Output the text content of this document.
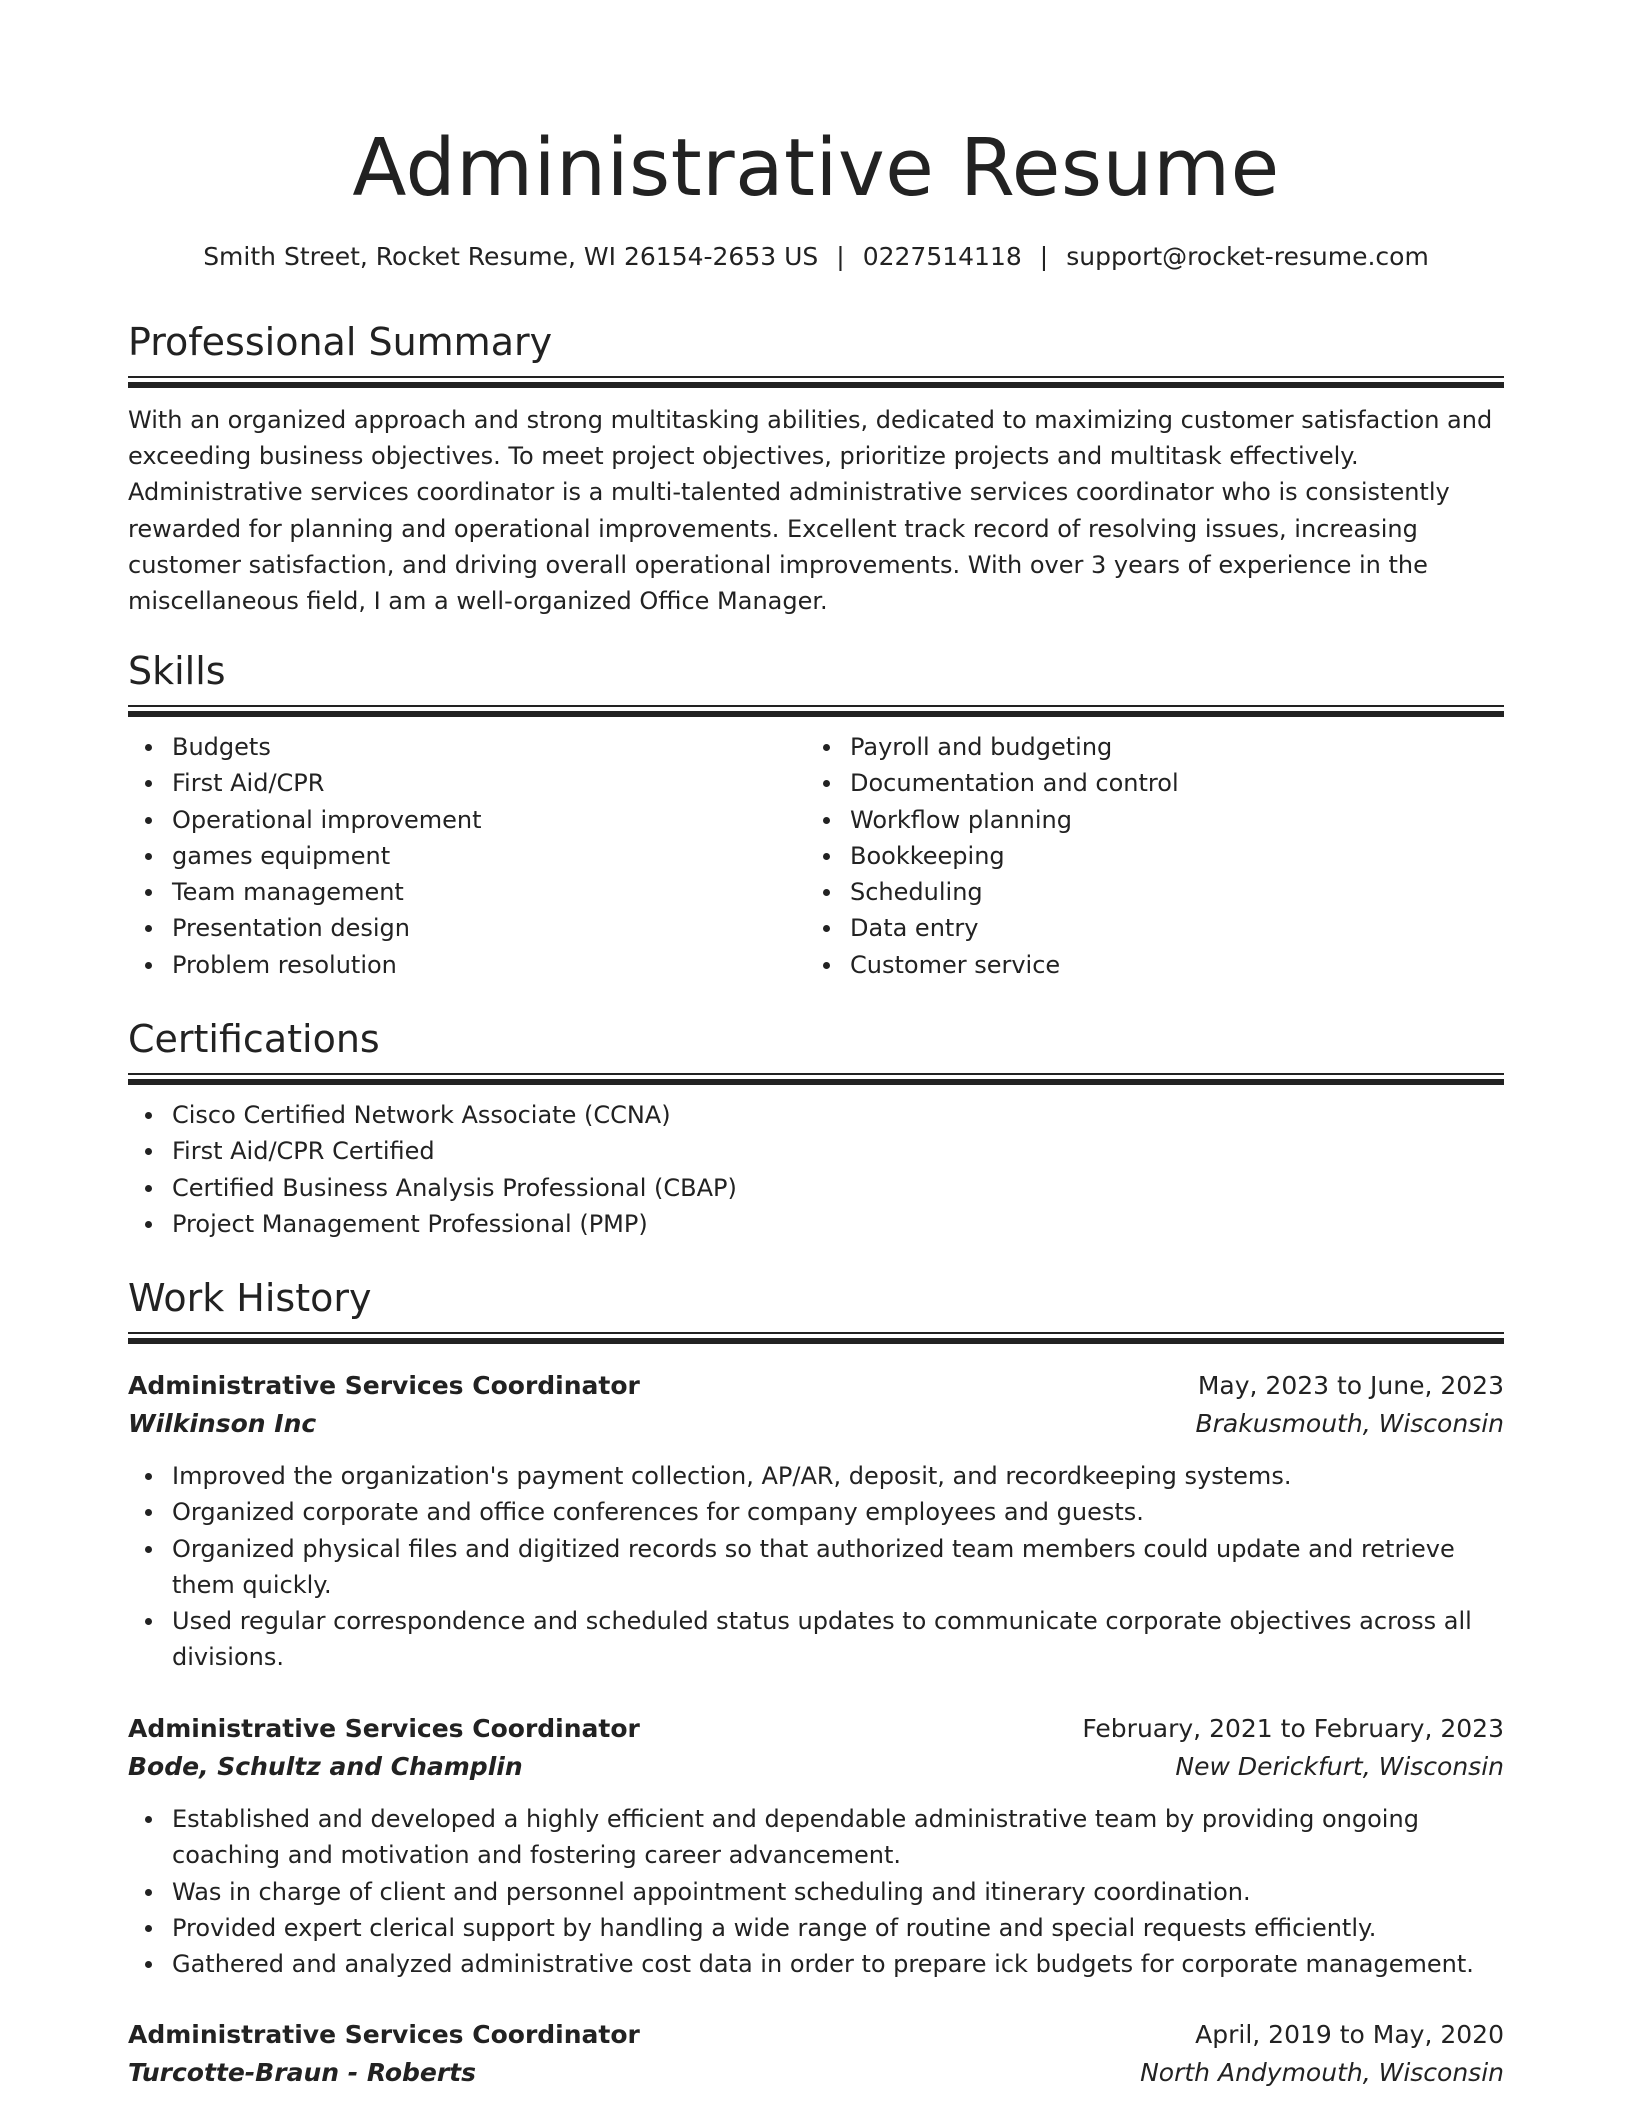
Administrative Resume
Smith Street, Rocket Resume, WI 26154-2653 US | 0227514118 | support@rocket-resume.com
Professional Summary
With an organized approach and strong multitasking abilities, dedicated to maximizing customer satisfaction and exceeding business objectives. To meet project objectives, prioritize projects and multitask effectively. Administrative services coordinator is a multi-talented administrative services coordinator who is consistently rewarded for planning and operational improvements. Excellent track record of resolving issues, increasing customer satisfaction, and driving overall operational improvements. With over 3 years of experience in the miscellaneous field, I am a well-organized Office Manager.
Skills
Budgets
First Aid/CPR
Operational improvement
games equipment
Team management
Presentation design
Problem resolution
Payroll and budgeting
Documentation and control
Workflow planning
Bookkeeping
Scheduling
Data entry
Customer service
Certifications
Cisco Certified Network Associate (CCNA)
First Aid/CPR Certified
Certified Business Analysis Professional (CBAP)
Project Management Professional (PMP)
Work History
Administrative Services Coordinator	May, 2023 to June, 2023
Wilkinson Inc	Brakusmouth, Wisconsin
Improved the organization's payment collection, AP/AR, deposit, and recordkeeping systems.
Organized corporate and office conferences for company employees and guests.
Organized physical files and digitized records so that authorized team members could update and retrieve them quickly.
Used regular correspondence and scheduled status updates to communicate corporate objectives across all divisions.
Administrative Services Coordinator	February, 2021 to February, 2023
Bode, Schultz and Champlin	New Derickfurt, Wisconsin
Established and developed a highly efficient and dependable administrative team by providing ongoing coaching and motivation and fostering career advancement.
Was in charge of client and personnel appointment scheduling and itinerary coordination.
Provided expert clerical support by handling a wide range of routine and special requests efficiently.
Gathered and analyzed administrative cost data in order to prepare ick budgets for corporate management.
Administrative Services Coordinator	April, 2019 to May, 2020
Turcotte-Braun - Roberts	North Andymouth, Wisconsin
